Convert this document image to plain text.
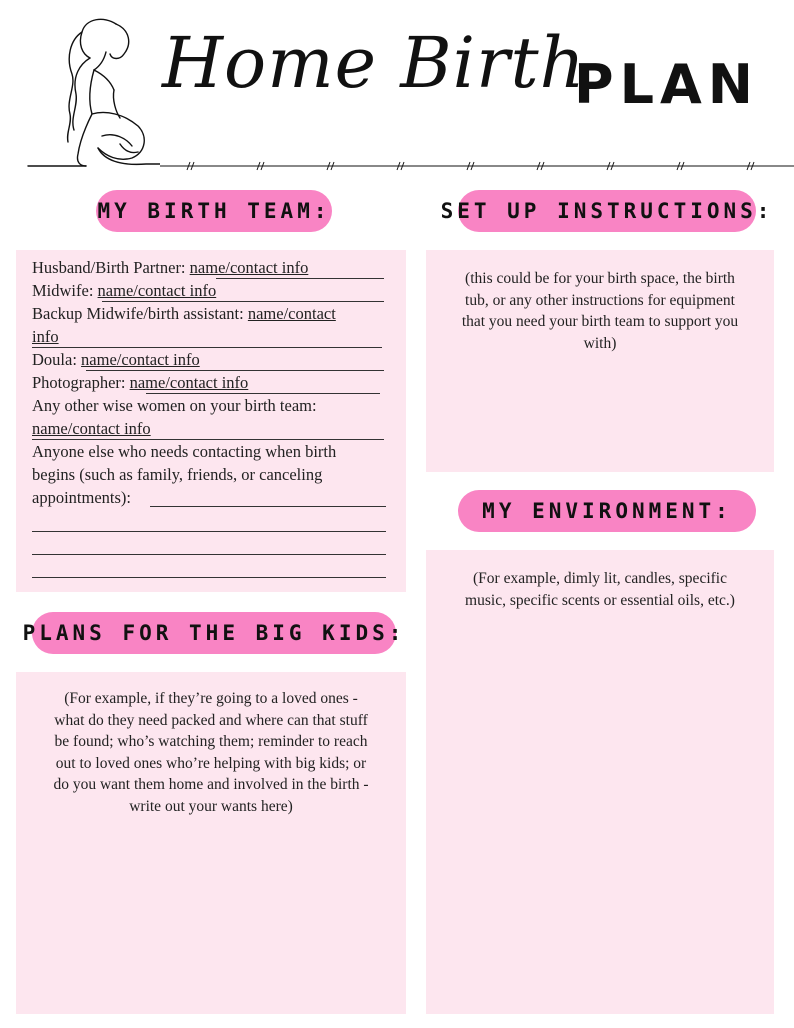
Home Birth
PLAN
MY BIRTH TEAM:
Husband/Birth Partner: name/contact info
Midwife: name/contact info
Backup Midwife/birth assistant: name/contact
info
Doula: name/contact info
Photographer: name/contact info
Any other wise women on your birth team:
name/contact info
Anyone else who needs contacting when birth
begins (such as family, friends, or canceling
appointments):
SET UP INSTRUCTIONS:
(this could be for your birth space, the birth
tub, or any other instructions for equipment
that you need your birth team to support you
with)
MY ENVIRONMENT:
(For example, dimly lit, candles, specific
music, specific scents or essential oils, etc.)
PLANS FOR THE BIG KIDS:
(For example, if they’re going to a loved ones -
what do they need packed and where can that stuff
be found; who’s watching them; reminder to reach
out to loved ones who’re helping with big kids; or
do you want them home and involved in the birth -
write out your wants here)
